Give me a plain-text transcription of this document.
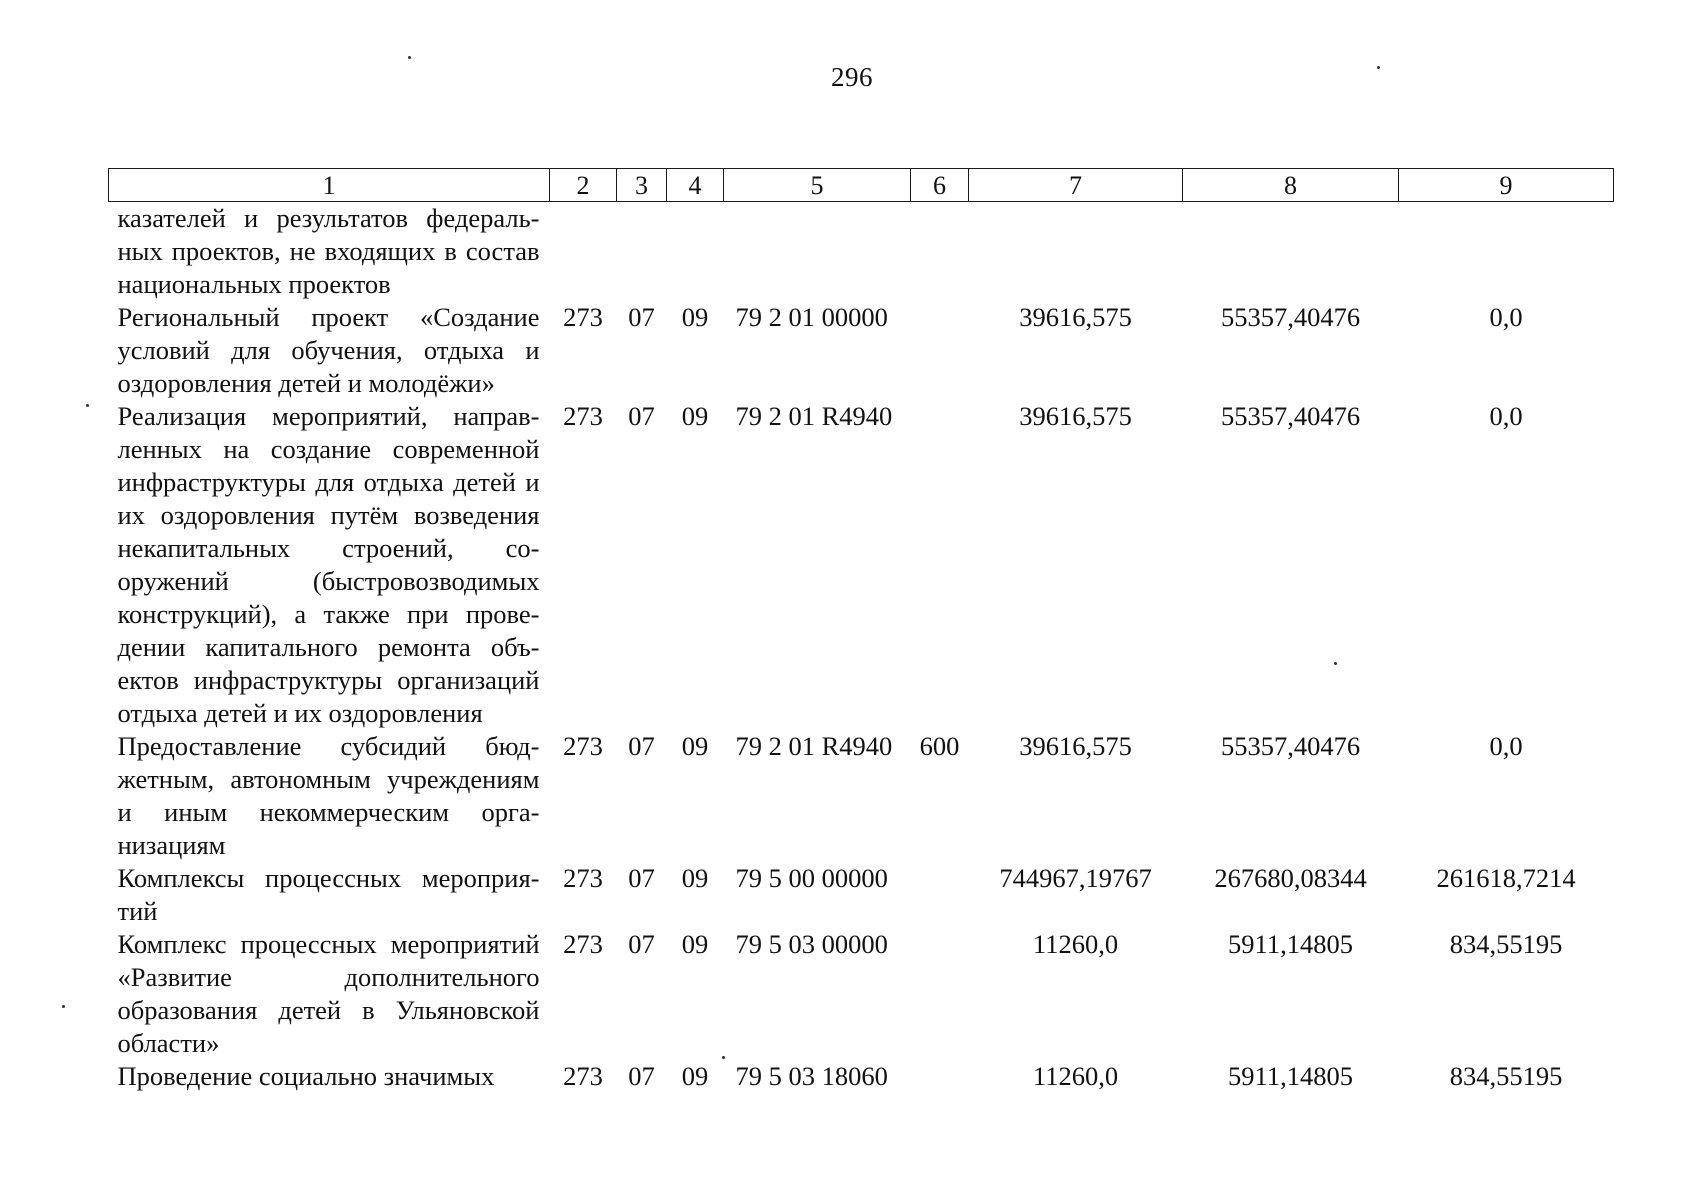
296
1	2	3	4	5	6	7	8	9
казателей и результатов федеральных проектов, не входящих в состав национальных проектов								
Региональный проект «Создание условий для обучения, отдыха и оздоровления детей и молодёжи»	273	07	09	79 2 01 00000		39616,575	55357,40476	0,0
Реализация мероприятий, направленных на создание современной инфраструктуры для отдыха детей и их оздоровления путём возведения некапитальных строений, сооружений (быстровозводимых конструкций), а также при проведении капитального ремонта объектов инфраструктуры организаций отдыха детей и их оздоровления	273	07	09	79 2 01 R4940		39616,575	55357,40476	0,0
Предоставление субсидий бюджетным, автономным учреждениям и иным некоммерческим организациям	273	07	09	79 2 01 R4940	600	39616,575	55357,40476	0,0
Комплексы процессных мероприятий	273	07	09	79 5 00 00000		744967,19767	267680,08344	261618,7214
Комплекс процессных мероприятий «Развитие дополнительного образования детей в Ульяновской области»	273	07	09	79 5 03 00000		11260,0	5911,14805	834,55195
Проведение социально значимых	273	07	09	79 5 03 18060		11260,0	5911,14805	834,55195
